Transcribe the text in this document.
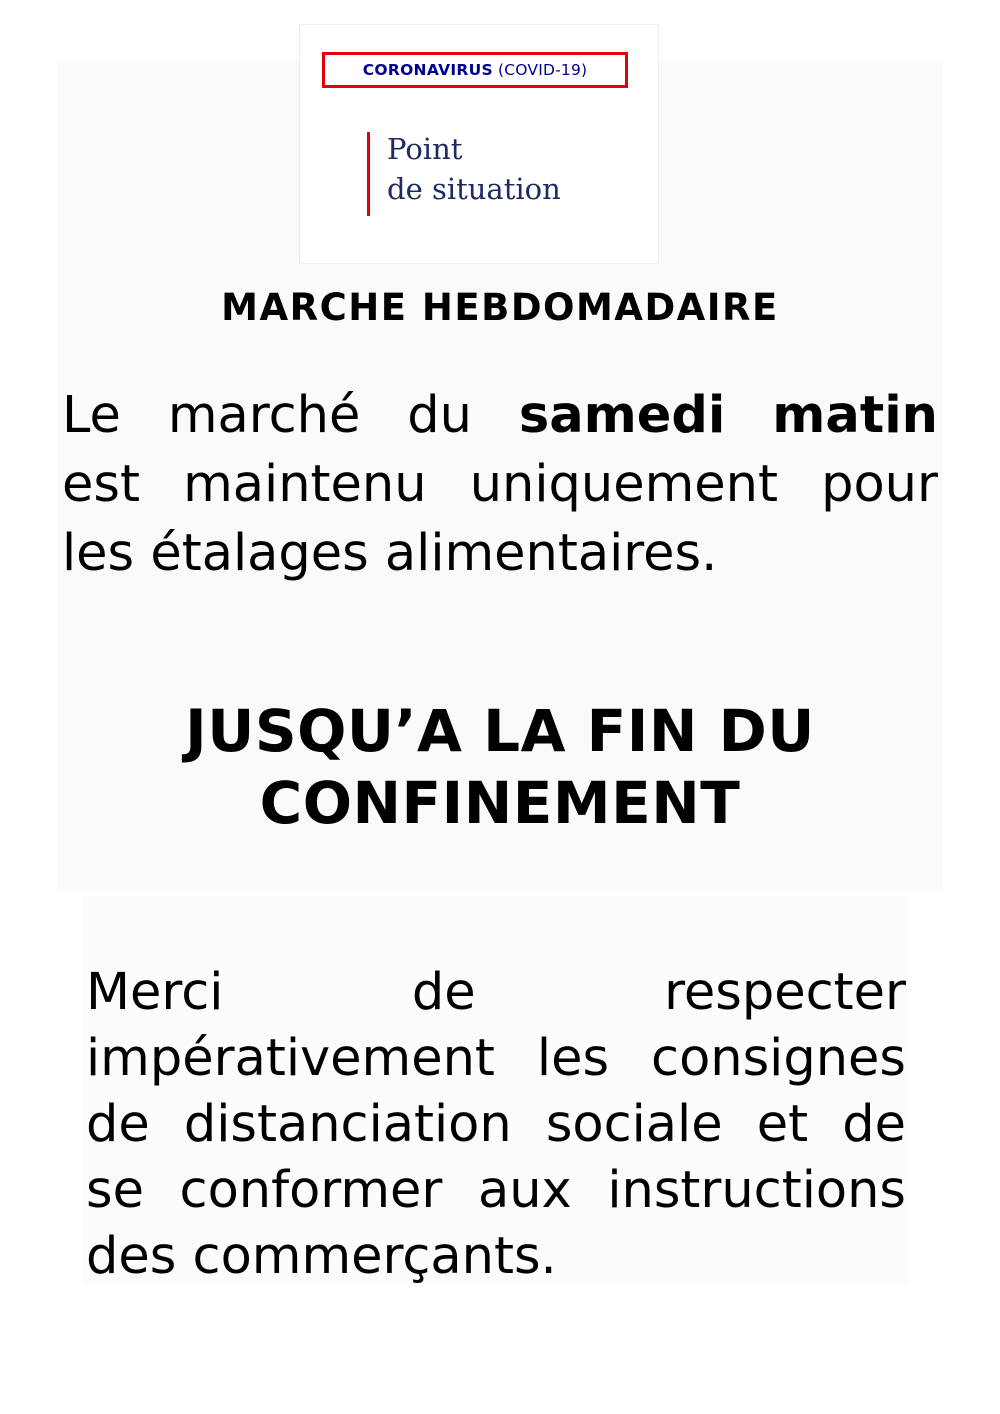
CORONAVIRUS (COVID-19)
Point
de situation
MARCHE HEBDOMADAIRE
Le marché du samedi matin
est maintenu uniquement pour
les étalages alimentaires.
JUSQU’A LA FIN DU
CONFINEMENT
Merci	de	respecter
impérativement les consignes
de distanciation sociale et de
se conformer aux instructions
des commerçants.
